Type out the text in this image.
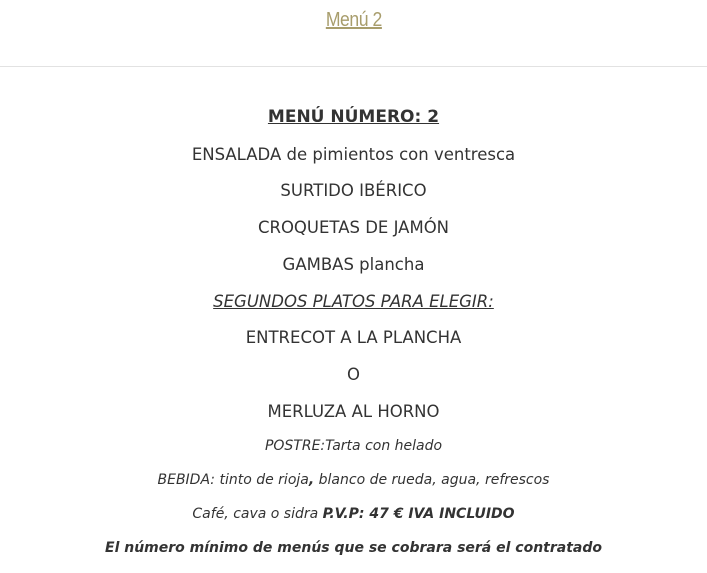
Menú 2
MENÚ NÚMERO: 2
ENSALADA de pimientos con ventresca
SURTIDO IBÉRICO
CROQUETAS DE JAMÓN
GAMBAS plancha
SEGUNDOS PLATOS PARA ELEGIR:
ENTRECOT A LA PLANCHA
O
MERLUZA AL HORNO
POSTRE:Tarta con helado
BEBIDA: tinto de rioja, blanco de rueda, agua, refrescos
Café, cava o sidra P.V.P: 47 € IVA INCLUIDO
El número mínimo de menús que se cobrara será el contratado
